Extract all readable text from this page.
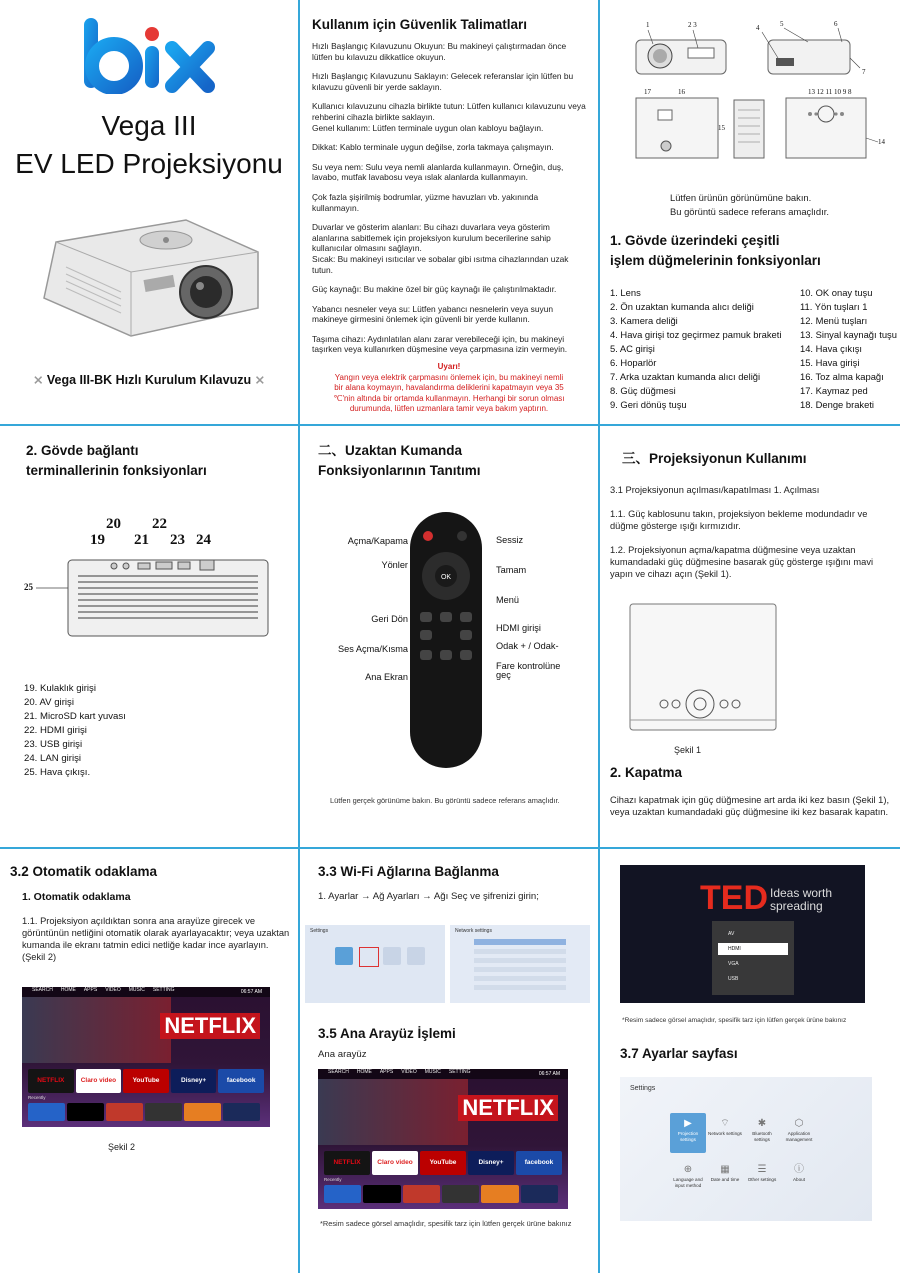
Vega III
EV LED Projeksiyonu
⨯ Vega III-BK Hızlı Kurulum Kılavuzu ⨯
Kullanım için Güvenlik Talimatları

Hızlı Başlangıç Kılavuzunu Okuyun: Bu makineyi çalıştırmadan önce lütfen bu kılavuzu dikkatlice okuyun.

Hızlı Başlangıç Kılavuzunu Saklayın: Gelecek referanslar için lütfen bu kılavuzu güvenli bir yerde saklayın.

Kullanıcı kılavuzunu cihazla birlikte tutun: Lütfen kullanıcı kılavuzunu veya rehberini cihazla birlikte saklayın.
Genel kullanım: Lütfen terminale uygun olan kabloyu bağlayın.

Dikkat: Kablo terminale uygun değilse, zorla takmaya çalışmayın.

Su veya nem: Sulu veya nemli alanlarda kullanmayın. Örneğin, duş, lavabo, mutfak lavabosu veya ıslak alanlarda kullanmayın.

Çok fazla şişirilmiş bodrumlar, yüzme havuzları vb. yakınında kullanmayın.

Duvarlar ve gösterim alanları: Bu cihazı duvarlara veya gösterim alanlarına sabitlemek için projeksiyon kurulum becerilerine sahip kullanıcılar olmasını sağlayın.
Sıcak: Bu makineyi ısıtıcılar ve sobalar gibi ısıtma cihazlarından uzak tutun.

Güç kaynağı: Bu makine özel bir güç kaynağı ile çalıştırılmaktadır.

Yabancı nesneler veya su: Lütfen yabancı nesnelerin veya suyun makineye girmesini önlemek için güvenli bir yerde kullanın.

Taşıma cihazı: Aydınlatılan alanı zarar verebileceği için, bu makineyi taşırken veya kullanırken düşmesine veya çarpmasına izin vermeyin.

Uyarı!
Yangın veya elektrik çarpmasını önlemek için, bu makineyi nemli bir alana koymayın, havalandırma deliklerini kapatmayın veya 35 ℃'nin altında bir ortamda kullanmayın. Herhangi bir sorun olması durumunda, lütfen uzmanlara tamir veya bakım yaptırın.
1	2 3	4	5	6
7
17	16
15
13 12 11 10 9 8
14
Lütfen ürünün görünümüne bakın.
Bu görüntü sadece referans amaçlıdır.
1. Gövde üzerindeki çeşitli
işlem düğmelerinin fonksiyonları
1. Lens
2. Ön uzaktan kumanda alıcı deliği
3. Kamera deliği
4. Hava girişi toz geçirmez pamuk braketi
5. AC girişi
6. Hoparlör
7. Arka uzaktan kumanda alıcı deliği
8. Güç düğmesi
9. Geri dönüş tuşu
10. OK onay tuşu
11. Yön tuşları 1
12. Menü tuşları
13. Sinyal kaynağı tuşu
14. Hava çıkışı
15. Hava girişi
16. Toz alma kapağı
17. Kaymaz ped
18. Denge braketi
2. Gövde bağlantı
terminallerinin fonksiyonları
20 22
19 21 23 24
25
19. Kulaklık girişi
20. AV girişi
21. MicroSD kart yuvası
22. HDMI girişi
23. USB girişi
24. LAN girişi
25. Hava çıkışı.
二、Uzaktan Kumanda
Fonksiyonlarının Tanıtımı
OK
Açma/Kapama
Yönler
Geri Dön
Ses Açma/Kısma
Ana Ekran
Sessiz
Tamam
Menü
HDMI girişi
Odak + / Odak-
Fare kontrolüne geç
Lütfen gerçek görünüme bakın. Bu görüntü sadece referans amaçlıdır.
三、Projeksiyonun Kullanımı
3.1 Projeksiyonun açılması/kapatılması 1. Açılması
1.1. Güç kablosunu takın, projeksiyon bekleme modundadır ve düğme gösterge ışığı kırmızıdır.
1.2. Projeksiyonun açma/kapatma düğmesine veya uzaktan kumandadaki güç düğmesine basarak güç gösterge ışığını mavi yapın ve cihazı açın (Şekil 1).
Şekil 1
2. Kapatma
Cihazı kapatmak için güç düğmesine art arda iki kez basın (Şekil 1), veya uzaktan kumandadaki güç düğmesine iki kez basarak kapatın.
3.2 Otomatik odaklama
1. Otomatik odaklama
1.1. Projeksiyon açıldıktan sonra ana arayüze girecek ve görüntünün netliğini otomatik olarak ayarlayacaktır; veya uzaktan kumanda ile ekranı tatmin edici netliğe kadar ince ayarlayın. (Şekil 2)
SEARCH HOME APPS VIDEO MUSIC SETTING	06:57 AM
NETFLIX
NETFLIX	Claro video	YouTube	Disney+	facebook
Recently
Şekil 2
3.3 Wi-Fi Ağlarına Bağlanma
1. Ayarlar → Ağ Ayarları → Ağı Seç ve şifrenizi girin;
Settings	Network settings
3.5 Ana Arayüz İşlemi
Ana arayüz
SEARCH HOME APPS VIDEO MUSIC SETTING	06:57 AM
NETFLIX
NETFLIX	Claro video	YouTube	Disney+	facebook
Recently
*Resim sadece görsel amaçlıdır, spesifik tarz için lütfen gerçek ürüne bakınız
TED Ideas worth spreading
AV
HDMI
VGA
USB
*Resim sadece görsel amaçlıdır, spesifik tarz için lütfen gerçek ürüne bakınız
3.7 Ayarlar sayfası
Settings
▶
Projection settings
⌔
Network settings
✱
Bluetooth settings
⬡
Application management
⊕
Language and input method
▦
Date and time
☰
Other settings
ⓘ
About
